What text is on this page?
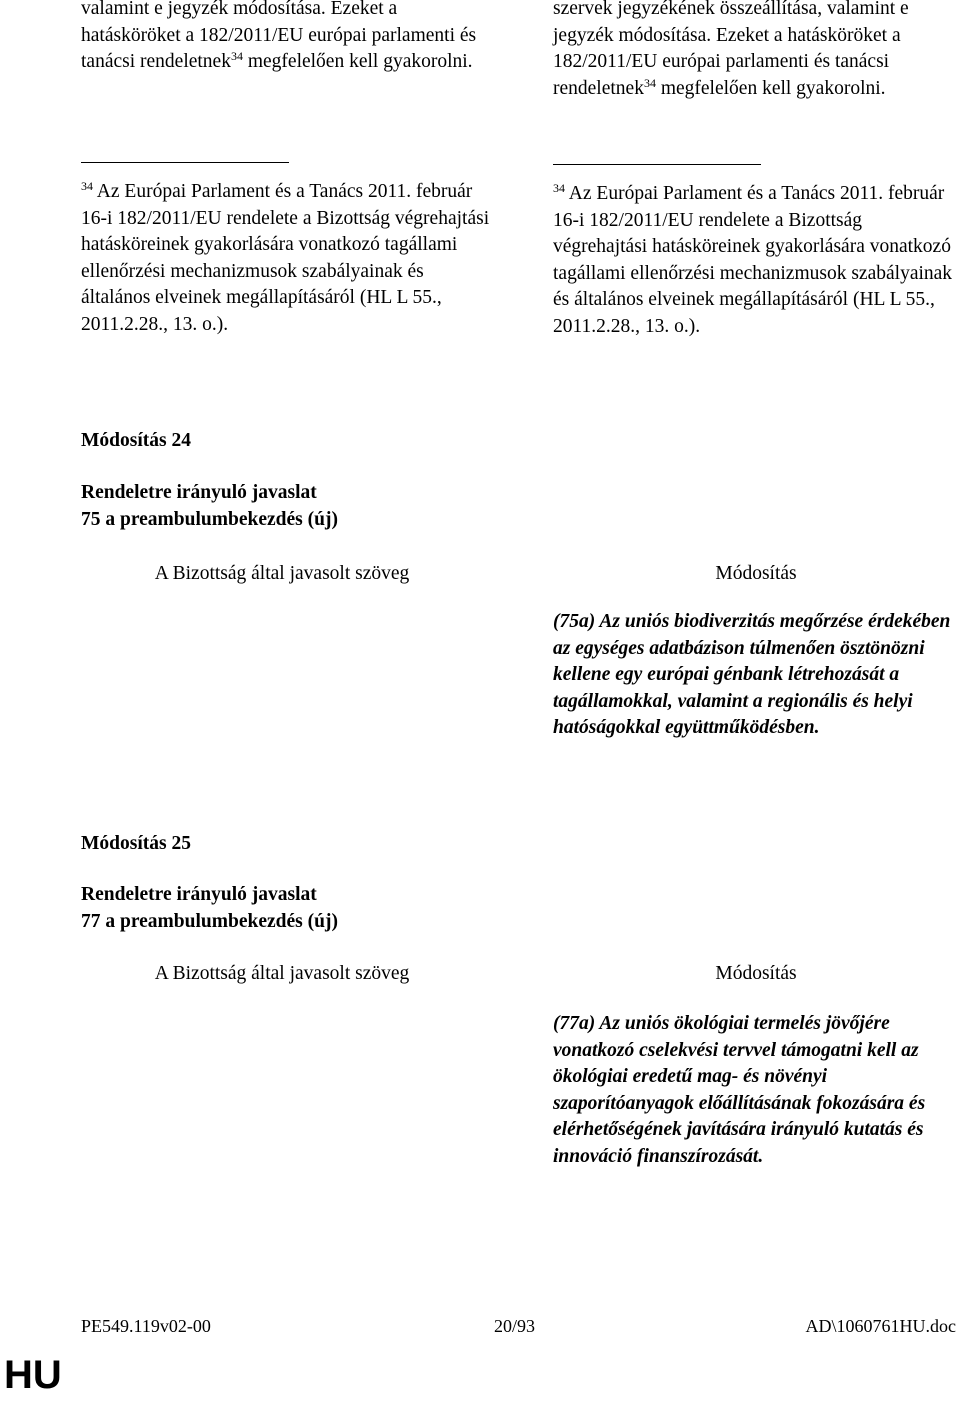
valamint e jegyzék módosítása. Ezeket a hatásköröket a 182/2011/EU európai parlamenti és tanácsi rendeletnek$^{34}$ megfelelően kell gyakorolni.

szervek jegyzékének összeállítása, valamint e jegyzék módosítása. Ezeket a hatásköröket a 182/2011/EU európai parlamenti és tanácsi rendeletnek$^{34}$ megfelelően kell gyakorolni.

$^{34}$ Az Európai Parlament és a Tanács 2011. február 16-i 182/2011/EU rendelete a Bizottság végrehajtási hatásköreinek gyakorlására vonatkozó tagállami ellenőrzési mechanizmusok szabályainak és általános elveinek megállapításáról (HL L 55., 2011.2.28., 13. o.).

$^{34}$ Az Európai Parlament és a Tanács 2011. február 16-i 182/2011/EU rendelete a Bizottság végrehajtási hatásköreinek gyakorlására vonatkozó tagállami ellenőrzési mechanizmusok szabályainak és általános elveinek megállapításáról (HL L 55., 2011.2.28., 13. o.).

Módosítás 24
Rendeletre irányuló javaslat
75 a preambulumbekezdés (új)
A Bizottság által javasolt szöveg	Módosítás
(75a) Az uniós biodiverzitás megőrzése érdekében az egységes adatbázison túlmenően ösztönözni kellene egy európai génbank létrehozását a tagállamokkal, valamint a regionális és helyi hatóságokkal együttműködésben.
Módosítás 25
Rendeletre irányuló javaslat
77 a preambulumbekezdés (új)
A Bizottság által javasolt szöveg	Módosítás
(77a) Az uniós ökológiai termelés jövőjére vonatkozó cselekvési tervvel támogatni kell az ökológiai eredetű mag- és növényi szaporítóanyagok előállításának fokozására és elérhetőségének javítására irányuló kutatás és innováció finanszírozását.
PE549.119v02-00	20/93	AD\1060761HU.doc
HU
